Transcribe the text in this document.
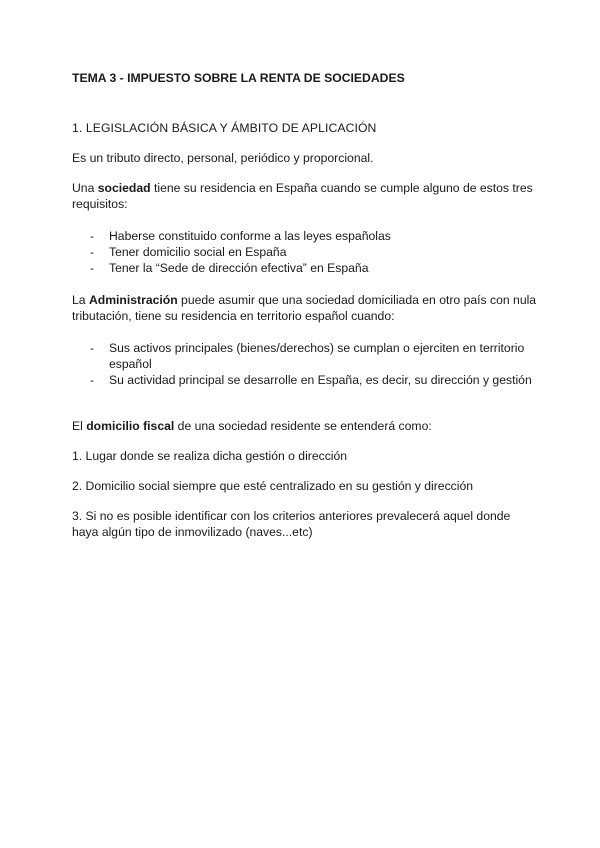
TEMA 3 - IMPUESTO SOBRE LA RENTA DE SOCIEDADES

1. LEGISLACIÓN BÁSICA Y ÁMBITO DE APLICACIÓN

Es un tributo directo, personal, periódico y proporcional.

Una sociedad tiene su residencia en España cuando se cumple alguno de estos tres requisitos:

- Haberse constituido conforme a las leyes españolas
- Tener domicilio social en España
- Tener la “Sede de dirección efectiva” en España

La Administración puede asumir que una sociedad domiciliada en otro país con nula tributación, tiene su residencia en territorio español cuando:

- Sus activos principales (bienes/derechos) se cumplan o ejerciten en territorio español
- Su actividad principal se desarrolle en España, es decir, su dirección y gestión

El domicilio fiscal de una sociedad residente se entenderá como:

1. Lugar donde se realiza dicha gestión o dirección

2. Domicilio social siempre que esté centralizado en su gestión y dirección

3. Si no es posible identificar con los criterios anteriores prevalecerá aquel donde haya algún tipo de inmovilizado (naves...etc)
